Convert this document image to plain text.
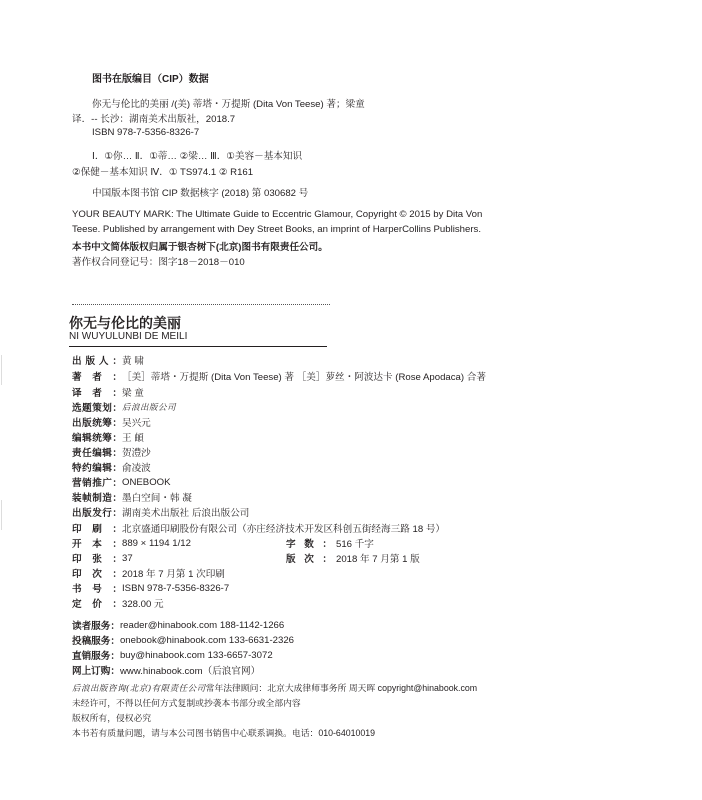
图书在版编目（CIP）数据
你无与伦比的美丽 /(美) 蒂塔・万提斯 (Dita Von Teese) 著；梁童
译．-- 长沙：湖南美术出版社，2018.7
ISBN 978-7-5356-8326-7
Ⅰ．①你… Ⅱ．①蒂… ②梁… Ⅲ．①美容－基本知识
②保健－基本知识 Ⅳ．① TS974.1 ② R161
中国版本图书馆 CIP 数据核字 (2018) 第 030682 号
YOUR BEAUTY MARK: The Ultimate Guide to Eccentric Glamour, Copyright © 2015 by Dita Von
Teese. Published by arrangement with Dey Street Books, an imprint of HarperCollins Publishers.
本书中文简体版权归属于银杏树下(北京)图书有限责任公司。
著作权合同登记号：图字18－2018－010
你无与伦比的美丽
NI WUYULUNBI DE MEILI
出版人： 黄 啸
著者： ［美］蒂塔・万提斯 (Dita Von Teese) 著 ［美］萝丝・阿波达卡 (Rose Apodaca) 合著
译者： 梁 童
选题策划： 后浪出版公司
出版统筹： 吴兴元
编辑统筹： 王 頔
责任编辑： 贺澧沙
特约编辑： 俞凌波
营销推广： ONEBOOK
装帧制造： 墨白空间・韩 凝
出版发行： 湖南美术出版社 后浪出版公司
印刷： 北京盛通印刷股份有限公司（亦庄经济技术开发区科创五街经海三路 18 号）
开本： 889 × 1194 1/12	字数： 516 千字
印张： 37	版次： 2018 年 7 月第 1 版
印次： 2018 年 7 月第 1 次印刷
书号： ISBN 978-7-5356-8326-7
定价： 328.00 元
读者服务： reader@hinabook.com 188-1142-1266
投稿服务： onebook@hinabook.com 133-6631-2326
直销服务： buy@hinabook.com 133-6657-3072
网上订购： www.hinabook.com（后浪官网）
后浪出版咨询(北京)有限责任公司常年法律顾问：北京大成律师事务所 周天晖 copyright@hinabook.com
未经许可，不得以任何方式复制或抄袭本书部分或全部内容
版权所有，侵权必究
本书若有质量问题，请与本公司图书销售中心联系调换。电话：010-64010019
